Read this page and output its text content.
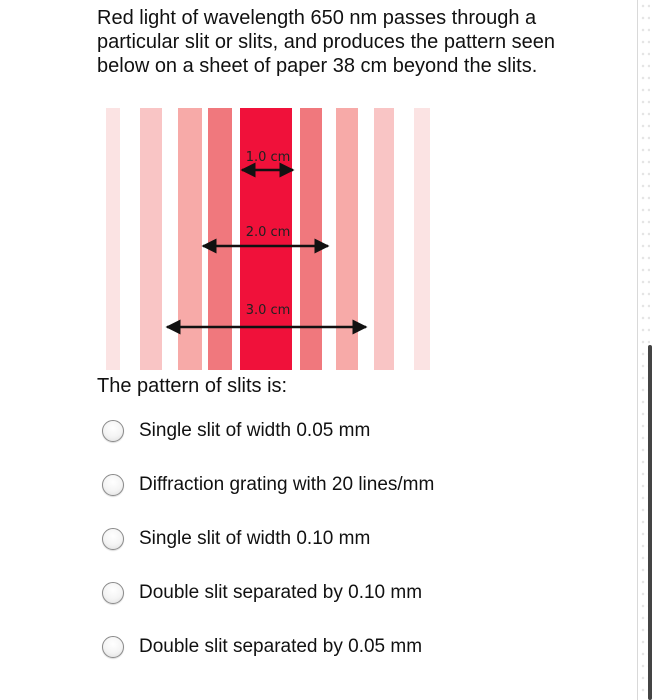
Red light of wavelength 650 nm passes through a particular slit or slits, and produces the pattern seen below on a sheet of paper 38 cm beyond the slits.

1.0 cm
2.0 cm
3.0 cm

The pattern of slits is:

Single slit of width 0.05 mm
Diffraction grating with 20 lines/mm
Single slit of width 0.10 mm
Double slit separated by 0.10 mm
Double slit separated by 0.05 mm
